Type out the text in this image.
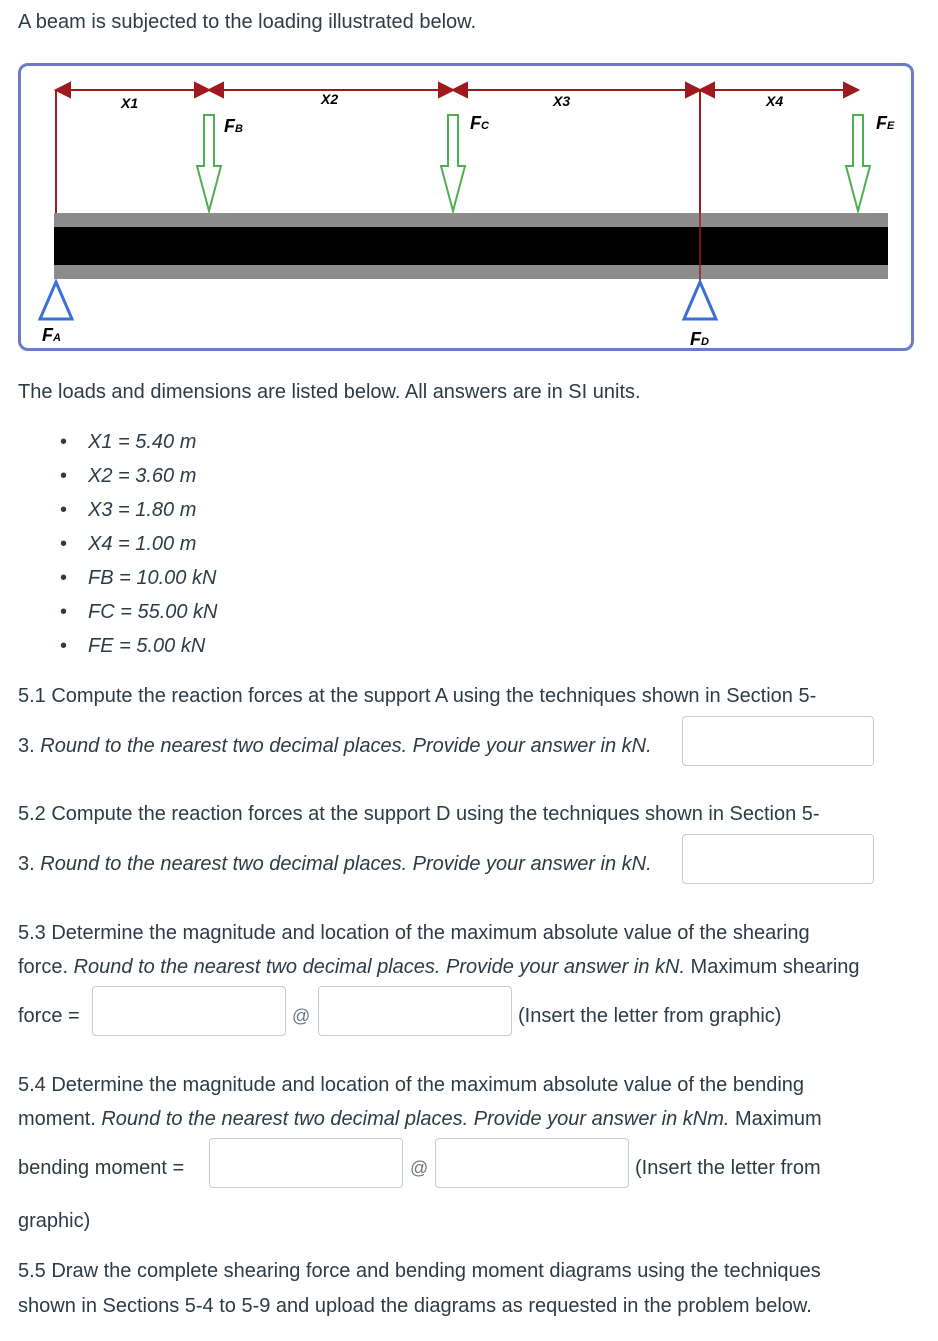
A beam is subjected to the loading illustrated below.
X1	X2	X3	X4
FB	FC	FE
FA	FD
The loads and dimensions are listed below. All answers are in SI units.
• X1 = 5.40 m
• X2 = 3.60 m
• X3 = 1.80 m
• X4 = 1.00 m
• FB = 10.00 kN
• FC = 55.00 kN
• FE = 5.00 kN
5.1 Compute the reaction forces at the support A using the techniques shown in Section 5-
3. Round to the nearest two decimal places. Provide your answer in kN.
5.2 Compute the reaction forces at the support D using the techniques shown in Section 5-
3. Round to the nearest two decimal places. Provide your answer in kN.
5.3 Determine the magnitude and location of the maximum absolute value of the shearing
force. Round to the nearest two decimal places. Provide your answer in kN. Maximum shearing
force =	@	(Insert the letter from graphic)
5.4 Determine the magnitude and location of the maximum absolute value of the bending
moment. Round to the nearest two decimal places. Provide your answer in kNm. Maximum
bending moment =	@	(Insert the letter from
graphic)
5.5 Draw the complete shearing force and bending moment diagrams using the techniques
shown in Sections 5-4 to 5-9 and upload the diagrams as requested in the problem below.
